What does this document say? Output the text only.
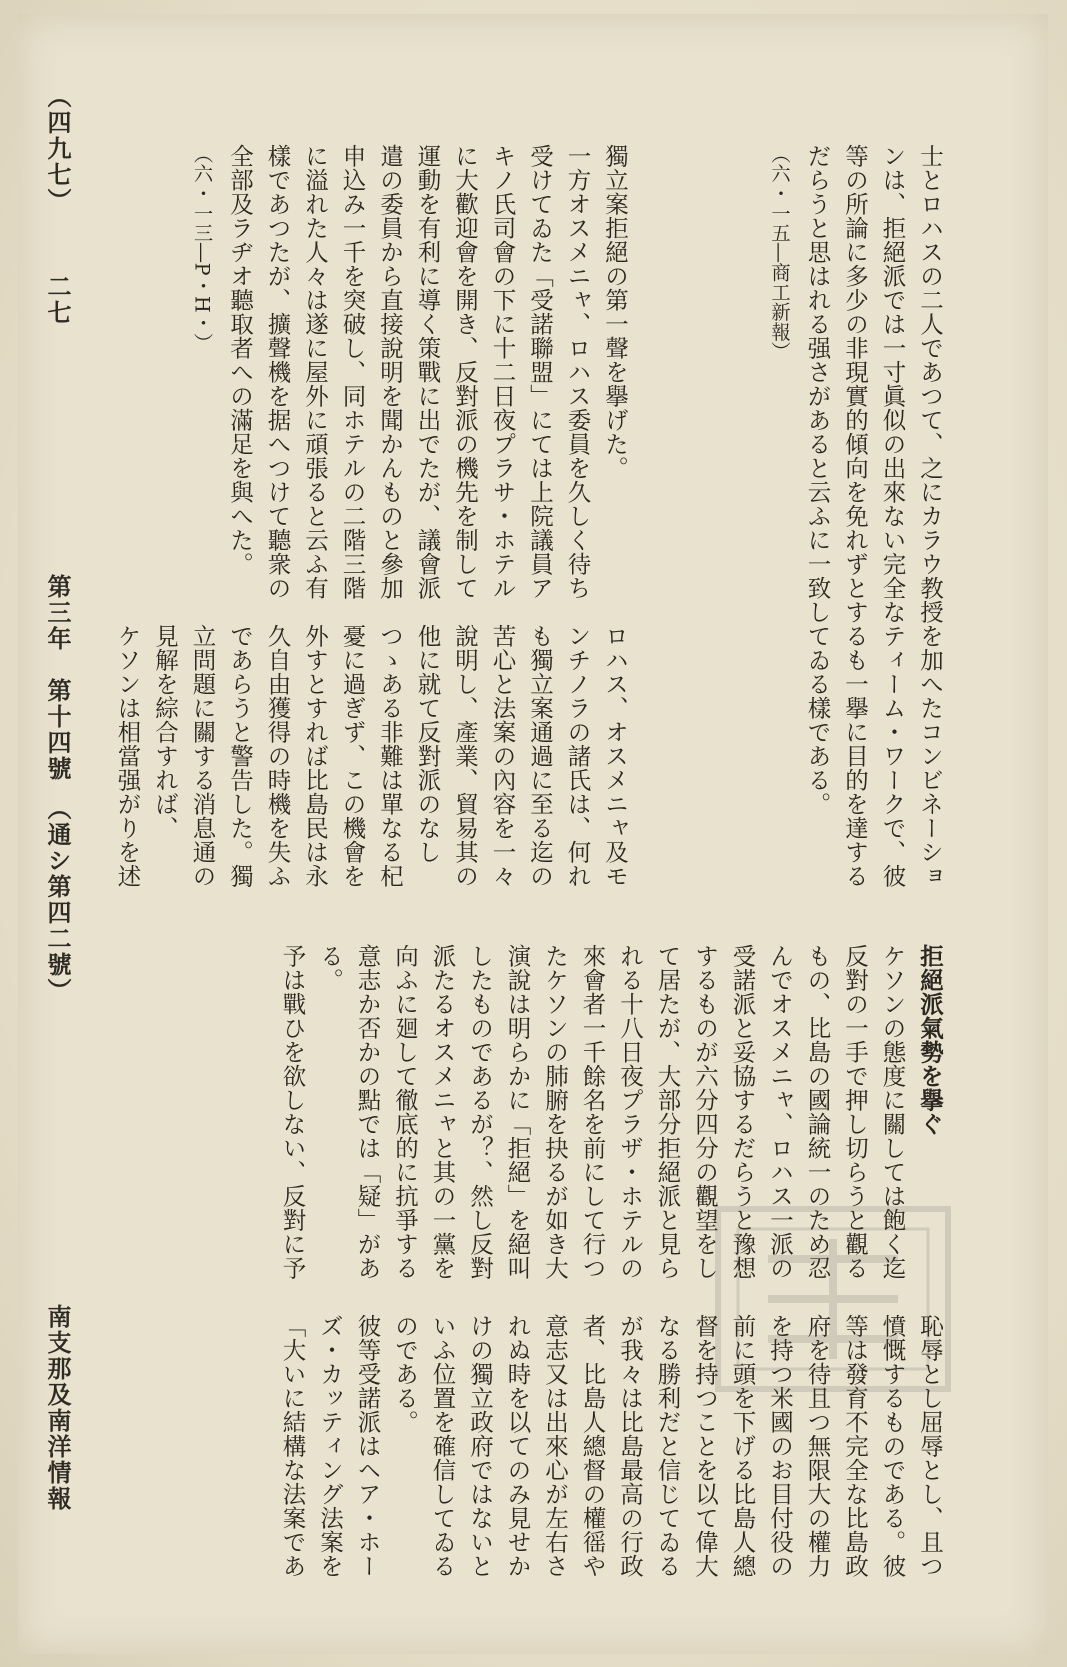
士とロハスの二人であつて、之にカラウ教授を加へたコンビネーションは、拒絕派では一寸眞似の出來ない完全なティーム・ワークで、彼等の所論に多少の非現實的傾向を免れずとするも一擧に目的を達するだらうと思はれる强さがあると云ふに一致してゐる樣である。

（六・一五―商工新報）

獨立案拒絕の第一聲を擧げた。

一方オスメニャ、ロハス委員を久しく待ち受けてゐた「受諾聯盟」にては上院議員アキノ氏司會の下に十二日夜プラサ・ホテルに大歡迎會を開き、反對派の機先を制して運動を有利に導く策戰に出でたが、議會派遣の委員から直接說明を聞かんものと參加申込み一千を突破し、同ホテルの二階三階に溢れた人々は遂に屋外に頑張ると云ふ有樣であつたが、擴聲機を据へつけて聽衆の全部及ラヂオ聽取者への滿足を與へた。

（六・一三―P・H・）

ロハス、オスメニャ及モンチノラの諸氏は、何れも獨立案通過に至る迄の苦心と法案の內容を一々說明し、產業、貿易其の他に就て反對派のなしつゝある非難は單なる杞憂に過ぎず、この機會を外すとすれば比島民は永久自由獲得の時機を失ふであらうと警告した。獨立問題に關する消息通の見解を綜合すれば、

ケソンは相當强がりを述

拒絕派氣勢を擧ぐ

ケソンの態度に關しては飽く迄反對の一手で押し切らうと觀るもの、比島の國論統一のため忍んでオスメニャ、ロハス一派の受諾派と妥協するだらうと豫想するものが六分四分の觀望をして居たが、大部分拒絕派と見られる十八日夜プラザ・ホテルの來會者一千餘名を前にして行つたケソンの肺腑を抉るが如き大演說は明らかに「拒絕」を絕叫したものであるが？、然し反對派たるオスメニャと其の一黨を向ふに廻して徹底的に抗爭する意志か否かの點では「疑」がある。

予は戰ひを欲しない、反對に予

恥辱とし屈辱とし、且つ憤慨するものである。彼等は發育不完全な比島政府を待且つ無限大の權力を持つ米國のお目付役の前に頭を下げる比島人總督を持つことを以て偉大なる勝利だと信じてゐるが我々は比島最高の行政者、比島人總督の權徭や意志又は出來心が左右されぬ時を以てのみ見せかけの獨立政府ではないといふ位置を確信してゐるのである。

彼等受諾派はヘア・ホーズ・カッティング法案を「大いに結構な法案であ

南支那及南洋情報
第三年　第十四號　（通シ第四二號）
二七
（四九七）
